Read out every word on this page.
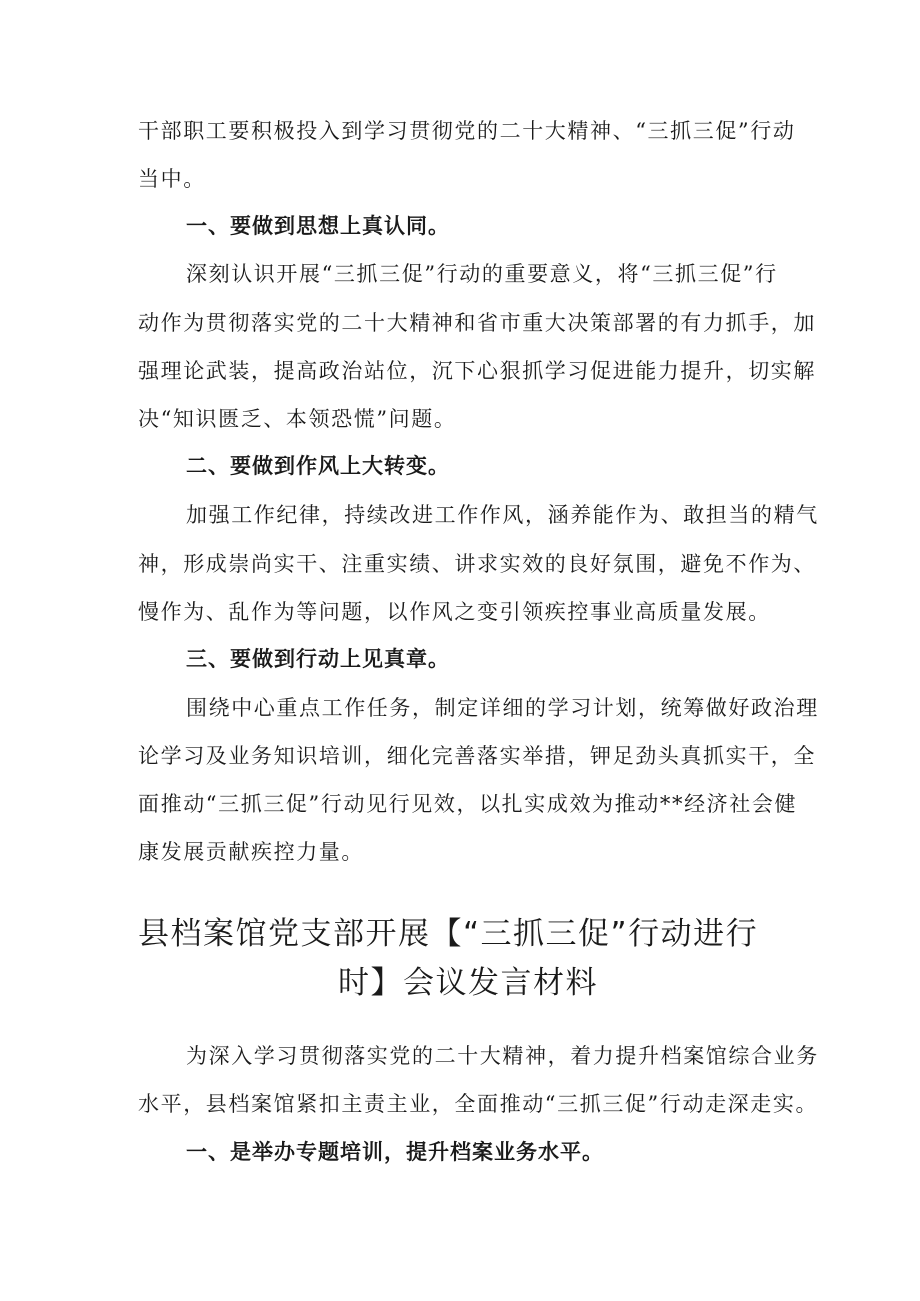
干部职工要积极投入到学习贯彻党的二十大精神、“三抓三促”行动
当中。
一、要做到思想上真认同。
深刻认识开展“三抓三促”行动的重要意义，将“三抓三促”行
动作为贯彻落实党的二十大精神和省市重大决策部署的有力抓手，加
强理论武装，提高政治站位，沉下心狠抓学习促进能力提升，切实解
决“知识匮乏、本领恐慌”问题。
二、要做到作风上大转变。
加强工作纪律，持续改进工作作风，涵养能作为、敢担当的精气
神，形成崇尚实干、注重实绩、讲求实效的良好氛围，避免不作为、
慢作为、乱作为等问题，以作风之变引领疾控事业高质量发展。
三、要做到行动上见真章。
围绕中心重点工作任务，制定详细的学习计划，统筹做好政治理
论学习及业务知识培训，细化完善落实举措，钾足劲头真抓实干，全
面推动“三抓三促”行动见行见效，以扎实成效为推动**经济社会健
康发展贡献疾控力量。
县档案馆党支部开展【“三抓三促”行动进行
时】会议发言材料
为深入学习贯彻落实党的二十大精神，着力提升档案馆综合业务
水平，县档案馆紧扣主责主业，全面推动“三抓三促”行动走深走实。
一、是举办专题培训，提升档案业务水平。
